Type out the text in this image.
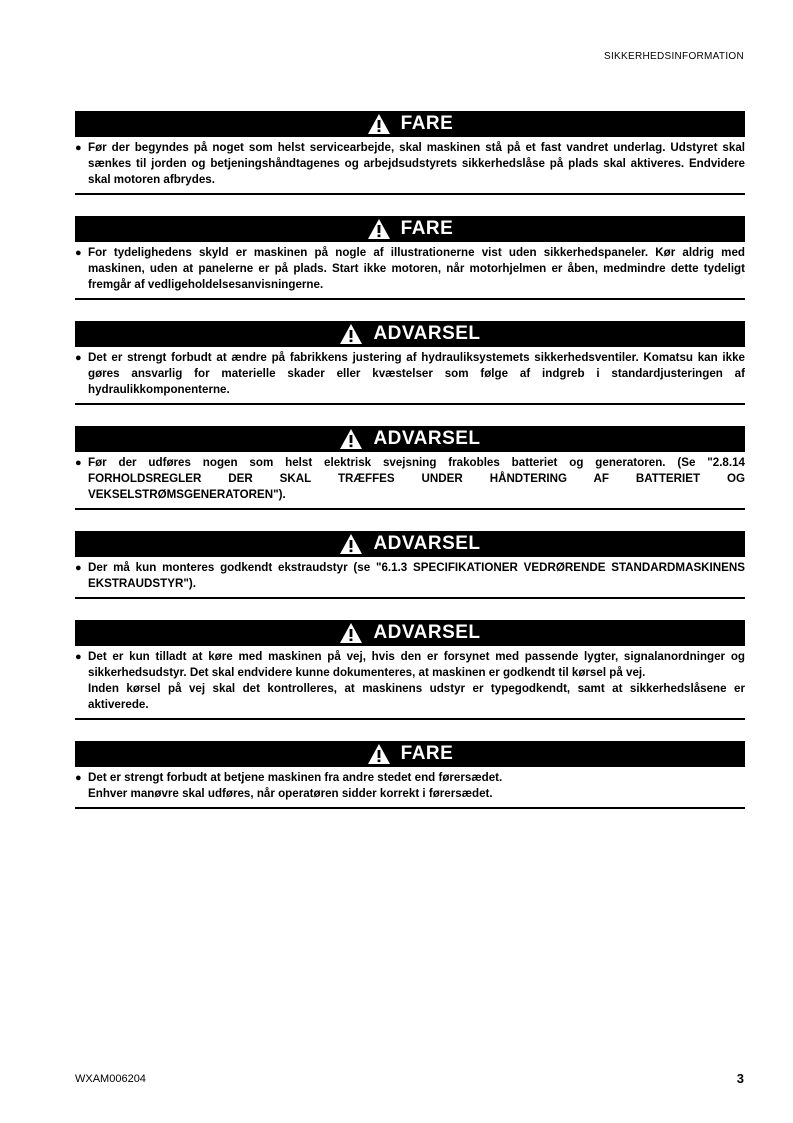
SIKKERHEDSINFORMATION
FARE
● Før der begyndes på noget som helst servicearbejde, skal maskinen stå på et fast vandret underlag. Udstyret skal sænkes til jorden og betjeningshåndtagenes og arbejdsudstyrets sikkerhedslåse på plads skal aktiveres. Endvidere skal motoren afbrydes.
FARE
● For tydelighedens skyld er maskinen på nogle af illustrationerne vist uden sikkerhedspaneler. Kør aldrig med maskinen, uden at panelerne er på plads. Start ikke motoren, når motorhjelmen er åben, medmindre dette tydeligt fremgår af vedligeholdelsesanvisningerne.
ADVARSEL
● Det er strengt forbudt at ændre på fabrikkens justering af hydrauliksystemets sikkerhedsventiler. Komatsu kan ikke gøres ansvarlig for materielle skader eller kvæstelser som følge af indgreb i standardjusteringen af hydraulikkomponenterne.
ADVARSEL
● Før der udføres nogen som helst elektrisk svejsning frakobles batteriet og generatoren. (Se "2.8.14 FORHOLDSREGLER DER SKAL TRÆFFES UNDER HÅNDTERING AF BATTERIET OG VEKSELSTRØMSGENERATOREN").
ADVARSEL
● Der må kun monteres godkendt ekstraudstyr (se "6.1.3 SPECIFIKATIONER VEDRØRENDE STANDARDMASKINENS EKSTRAUDSTYR").
ADVARSEL
● Det er kun tilladt at køre med maskinen på vej, hvis den er forsynet med passende lygter, signalanordninger og sikkerhedsudstyr. Det skal endvidere kunne dokumenteres, at maskinen er godkendt til kørsel på vej.
Inden kørsel på vej skal det kontrolleres, at maskinens udstyr er typegodkendt, samt at sikkerhedslåsene er aktiverede.
FARE
● Det er strengt forbudt at betjene maskinen fra andre stedet end førersædet.
Enhver manøvre skal udføres, når operatøren sidder korrekt i førersædet.
WXAM006204	3
